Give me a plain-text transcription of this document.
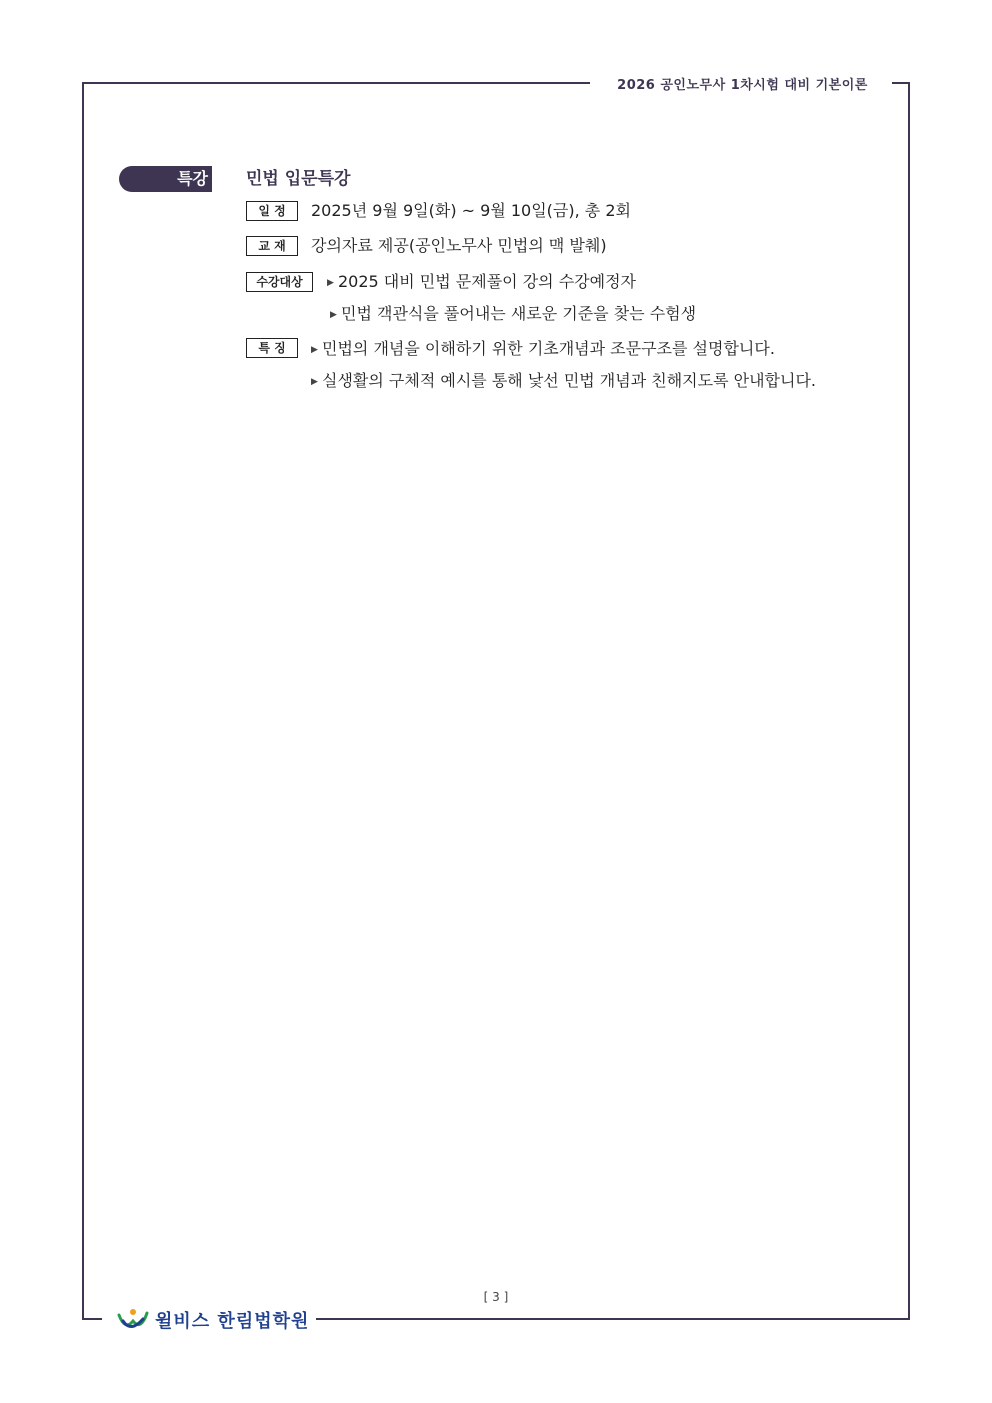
2026 공인노무사 1차시험 대비 기본이론
특강 민법 입문특강
일 정	2025년 9월 9일(화) ~ 9월 10일(금), 총 2회
교 재	강의자료 제공(공인노무사 민법의 맥 발췌)
수강대상	▶ 2025 대비 민법 문제풀이 강의 수강예정자
▶ 민법 객관식을 풀어내는 새로운 기준을 찾는 수험생
특 징	▶ 민법의 개념을 이해하기 위한 기초개념과 조문구조를 설명합니다.
▶ 실생활의 구체적 예시를 통해 낯선 민법 개념과 친해지도록 안내합니다.
[ 3 ]
윌비스 한림법학원
